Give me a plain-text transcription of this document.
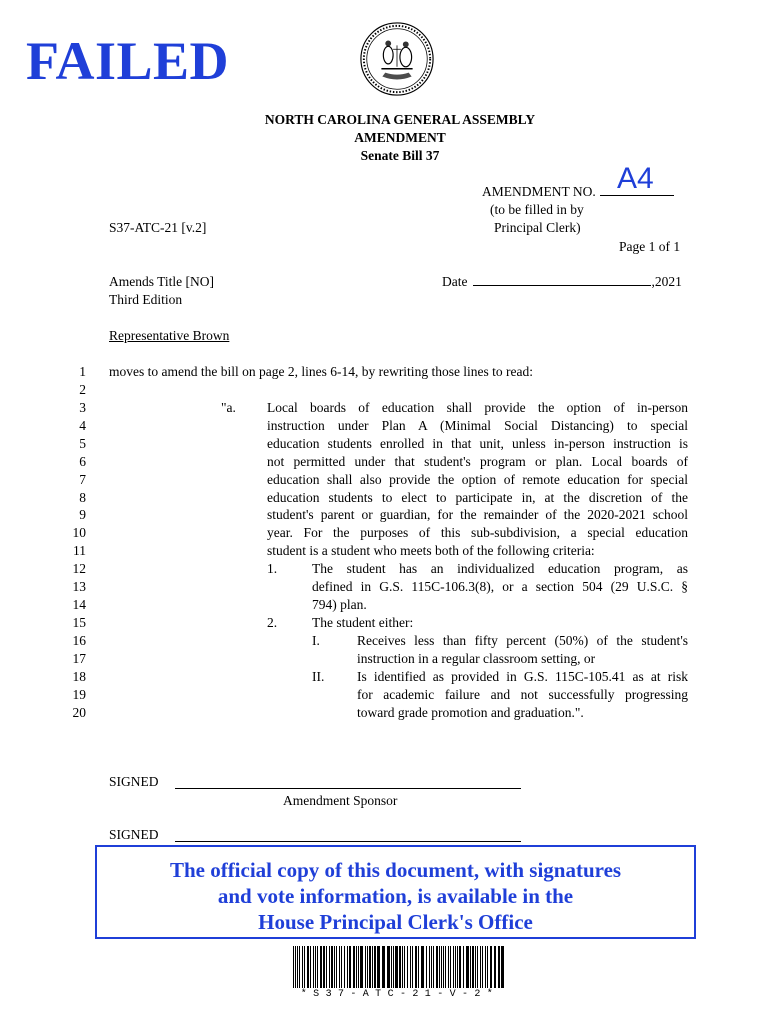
FAILED
NORTH CAROLINA GENERAL ASSEMBLY
AMENDMENT
Senate Bill 37
AMENDMENT NO. A4
(to be filled in by
Principal Clerk)
S37-ATC-21 [v.2]
Page 1 of 1
Amends Title [NO]
Third Edition
Date	,2021
Representative Brown
1
2
3
4
5
6
7
8
9
10
11
12
13
14
15
16
17
18
19
20
moves to amend the bill on page 2, lines 6-14, by rewriting those lines to read:
"a. Local boards of education shall provide the option of in-person
instruction under Plan A (Minimal Social Distancing) to special
education students enrolled in that unit, unless in-person instruction is
not permitted under that student's program or plan. Local boards of
education shall also provide the option of remote education for special
education students to elect to participate in, at the discretion of the
student's parent or guardian, for the remainder of the 2020-2021 school
year. For the purposes of this sub-subdivision, a special education
student is a student who meets both of the following criteria:
1.	The student has an individualized education program, as
defined in G.S. 115C-106.3(8), or a section 504 (29 U.S.C. §
794) plan.
2.	The student either:
I.	Receives less than fifty percent (50%) of the student's
instruction in a regular classroom setting, or
II. Is identified as provided in G.S. 115C-105.41 as at risk
for academic failure and not successfully progressing
toward grade promotion and graduation.".
SIGNED
Amendment Sponsor
SIGNED
The official copy of this document, with signatures
and vote information, is available in the
House Principal Clerk's Office
*S37-ATC-21-V-2*
